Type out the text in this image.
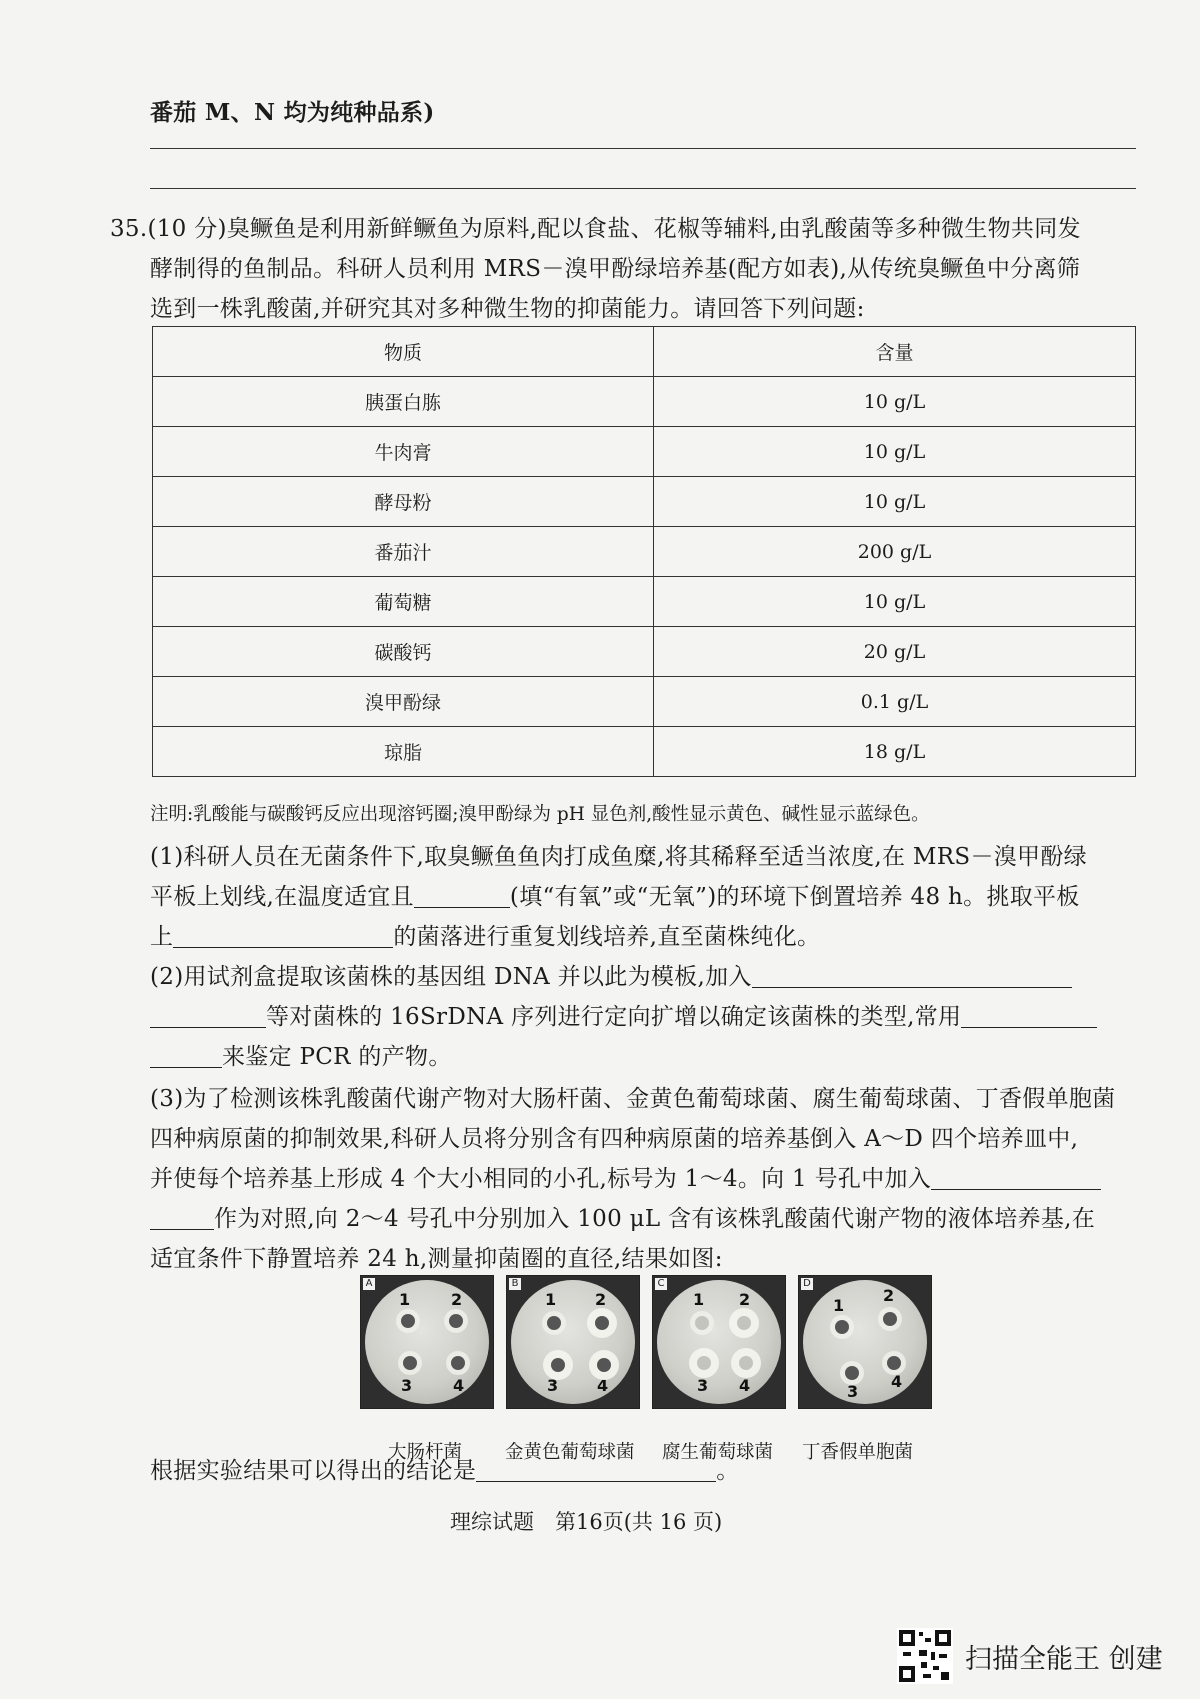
番茄 M、N 均为纯种品系)
35.(10 分)臭鳜鱼是利用新鲜鳜鱼为原料,配以食盐、花椒等辅料,由乳酸菌等多种微生物共同发
酵制得的鱼制品。科研人员利用 MRS－溴甲酚绿培养基(配方如表),从传统臭鳜鱼中分离筛
选到一株乳酸菌,并研究其对多种微生物的抑菌能力。请回答下列问题:
物质	含量
胰蛋白胨	10 g/L
牛肉膏	10 g/L
酵母粉	10 g/L
番茄汁	200 g/L
葡萄糖	10 g/L
碳酸钙	20 g/L
溴甲酚绿	0.1 g/L
琼脂	18 g/L
注明:乳酸能与碳酸钙反应出现溶钙圈;溴甲酚绿为 pH 显色剂,酸性显示黄色、碱性显示蓝绿色。
(1)科研人员在无菌条件下,取臭鳜鱼鱼肉打成鱼糜,将其稀释至适当浓度,在 MRS－溴甲酚绿
平板上划线,在温度适宜且	(填“有氧”或“无氧”)的环境下倒置培养 48 h。挑取平板
上	的菌落进行重复划线培养,直至菌株纯化。
(2)用试剂盒提取该菌株的基因组 DNA 并以此为模板,加入
等对菌株的 16SrDNA 序列进行定向扩增以确定该菌株的类型,常用
来鉴定 PCR 的产物。
(3)为了检测该株乳酸菌代谢产物对大肠杆菌、金黄色葡萄球菌、腐生葡萄球菌、丁香假单胞菌
四种病原菌的抑制效果,科研人员将分别含有四种病原菌的培养基倒入 A～D 四个培养皿中,
并使每个培养基上形成 4 个大小相同的小孔,标号为 1～4。向 1 号孔中加入
作为对照,向 2～4 号孔中分别加入 100 μL 含有该株乳酸菌代谢产物的液体培养基,在
适宜条件下静置培养 24 h,测量抑菌圈的直径,结果如图:
A
1	2
3	4
B
1 2
3 4
C
1 2
3 4
D
1
2
3
4
大肠杆菌 金黄色葡萄球菌 腐生葡萄球菌 丁香假单胞菌
根据实验结果可以得出的结论是	。
理综试题　第16页(共 16 页)
扫描全能王 创建
